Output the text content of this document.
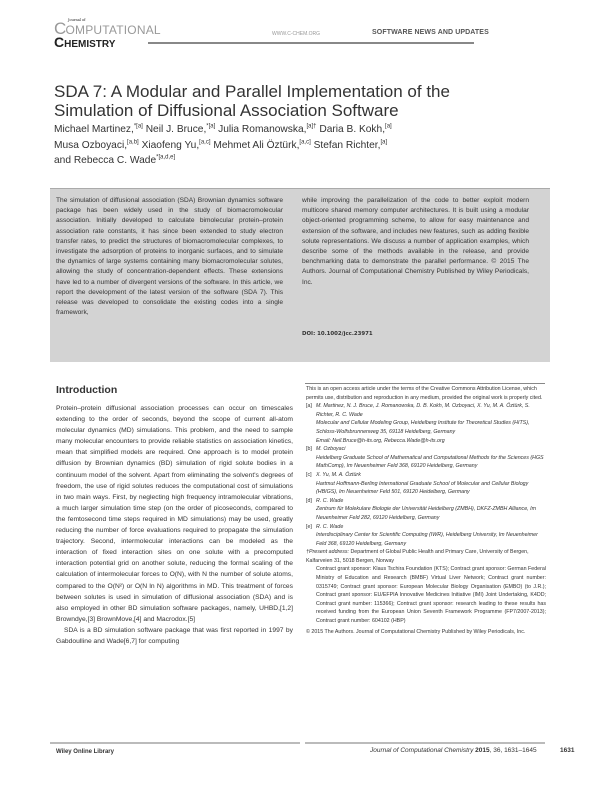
Journal of
COMPUTATIONAL
CHEMISTRY
WWW.C-CHEM.ORG	SOFTWARE NEWS AND UPDATES
SDA 7: A Modular and Parallel Implementation of the Simulation of Diffusional Association Software
Michael Martinez,$^{*[a]}$ Neil J. Bruce,$^{*[a]}$ Julia Romanowska,$^{[a]\dagger}$ Daria B. Kokh,[a]
Musa Ozboyaci,[a,b] Xiaofeng Yu,[a,c] Mehmet Ali Öztürk,[a,c] Stefan Richter,[a]
and Rebecca C. Wade$^{*[a,d,e]}$
The simulation of diffusional association (SDA) Brownian dynamics software package has been widely used in the study of biomacromolecular association. Initially developed to calculate bimolecular protein–protein association rate constants, it has since been extended to study electron transfer rates, to predict the structures of biomacromolecular complexes, to investigate the adsorption of proteins to inorganic surfaces, and to simulate the dynamics of large systems containing many biomacromolecular solutes, allowing the study of concentration-dependent effects. These extensions have led to a number of divergent versions of the software. In this article, we report the development of the latest version of the software (SDA 7). This release was developed to consolidate the existing codes into a single framework,
while improving the parallelization of the code to better exploit modern multicore shared memory computer architectures. It is built using a modular object-oriented programming scheme, to allow for easy maintenance and extension of the software, and includes new features, such as adding flexible solute representations. We discuss a number of application examples, which describe some of the methods available in the release, and provide benchmarking data to demonstrate the parallel performance. © 2015 The Authors. Journal of Computational Chemistry Published by Wiley Periodicals, Inc.
DOI: 10.1002/jcc.23971
Introduction

Protein–protein diffusional association processes can occur on timescales extending to the order of seconds, beyond the scope of current all-atom molecular dynamics (MD) simulations. This problem, and the need to sample many molecular encounters to provide reliable statistics on association kinetics, mean that simplified models are required. One approach is to model protein diffusion by Brownian dynamics (BD) simulation of rigid solute bodies in a continuum model of the solvent. Apart from eliminating the solvent's degrees of freedom, the use of rigid solutes reduces the computational cost of simulations in two main ways. First, by neglecting high frequency intramolecular vibrations, a much larger simulation time step (on the order of picoseconds, compared to the femtosecond time steps required in MD simulations) may be used, greatly reducing the number of force evaluations required to propagate the simulation trajectory. Second, intermolecular interactions can be modeled as the interaction of fixed interaction sites on one solute with a precomputed interaction potential grid on another solute, reducing the formal scaling of the calculation of intermolecular forces to O(N), with N the number of solute atoms, compared to the O(N²) or O(N ln N) algorithms in MD. This treatment of forces between solutes is used in simulation of diffusional association (SDA) and is also employed in other BD simulation software packages, namely, UHBD,[1,2] Browndye,[3] BrownMove,[4] and Macrodox.[5]

SDA is a BD simulation software package that was first reported in 1997 by Gabdoulline and Wade[6,7] for computing

This is an open access article under the terms of the Creative Commons Attribution License, which permits use, distribution and reproduction in any medium, provided the original work is properly cited.

[a] M. Martinez, N. J. Bruce, J. Romanowska, D. B. Kokh, M. Ozboyaci, X. Yu, M. A. Öztürk, S. Richter, R. C. Wade
Molecular and Cellular Modeling Group, Heidelberg Institute for Theoretical Studies (HITS), Schloss-Wolfsbrunnenweg 35, 69118 Heidelberg, Germany
Email: Neil.Bruce@h-its.org, Rebecca.Wade@h-its.org
[b] M. Ozboyaci
Heidelberg Graduate School of Mathematical and Computational Methods for the Sciences (HGS MathComp), Im Neuenheimer Feld 368, 69120 Heidelberg, Germany
[c] X. Yu, M. A. Öztürk
Hartmut Hoffmann-Berling International Graduate School of Molecular and Cellular Biology (HBIGS), Im Neuenheimer Feld 501, 69120 Heidelberg, Germany
[d] R. C. Wade
Zentrum für Molekulare Biologie der Universität Heidelberg (ZMBH), DKFZ-ZMBH Alliance, Im Neuenheimer Feld 282, 69120 Heidelberg, Germany
[e] R. C. Wade
Interdisciplinary Center for Scientific Computing (IWR), Heidelberg University, Im Neuenheimer Feld 368, 69120 Heidelberg, Germany

†Present address: Department of Global Public Health and Primary Care, University of Bergen, Kalfarveien 31, 5018 Bergen, Norway

Contract grant sponsor: Klaus Tschira Foundation (KTS); Contract grant sponsor: German Federal Ministry of Education and Research (BMBF) Virtual Liver Network; Contract grant number: 0315749; Contract grant sponsor: European Molecular Biology Organisation (EMBO) (to J.R.); Contract grant sponsor: EU/EFPIA Innovative Medicines Initiative (IMI) Joint Undertaking, K4DD; Contract grant number: 115366); Contract grant sponsor: research leading to these results has received funding from the European Union Seventh Framework Programme (FP7/2007-2013); Contract grant number: 604102 (HBP)

© 2015 The Authors. Journal of Computational Chemistry Published by Wiley Periodicals, Inc.

Wiley Online Library	Journal of Computational Chemistry 2015, 36, 1631–1645	1631
